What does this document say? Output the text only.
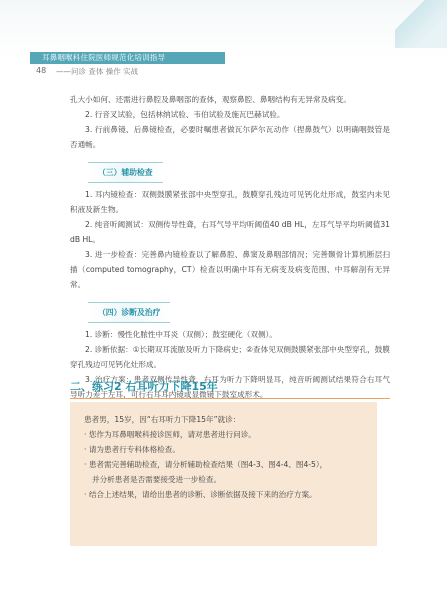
耳鼻咽喉科住院医师规范化培训指导
48 ——问诊 查体 操作 实战

孔大小如何、还需进行鼻腔及鼻咽部的查体，观察鼻腔、鼻咽结构有无异常及病变。

2. 行音叉试验，包括林纳试验、韦伯试验及施瓦巴赫试验。

3. 行前鼻镜、后鼻镜检查，必要时嘱患者做瓦尔萨尔瓦动作（捏鼻鼓气）以明确咽鼓管是否通畅。

（三）辅助检查

1. 耳内镜检查：双侧鼓膜紧张部中央型穿孔，鼓膜穿孔残边可见钙化灶形成，鼓室内未见积液及新生物。

2. 纯音听阈测试：双侧传导性聋，右耳气导平均听阈值40 dB HL，左耳气导平均听阈值31 dB HL。

3. 进一步检查：完善鼻内镜检查以了解鼻腔、鼻窦及鼻咽部情况；完善颞骨计算机断层扫描（computed tomography，CT）检查以明确中耳有无病变及病变范围、中耳解剖有无异常。

（四）诊断及治疗

1. 诊断：慢性化脓性中耳炎（双侧）；鼓室硬化（双侧）。

2. 诊断依据：①长期双耳流脓及听力下降病史；②查体见双侧鼓膜紧张部中央型穿孔，鼓膜穿孔残边可见钙化灶形成。

3. 治疗方案：患者双侧传导性聋，右耳为听力下降明显耳，纯音听阈测试结果符合右耳气导听力差于左耳，可行右耳耳内镜或显微镜下鼓室成形术。

二、练习2 右耳听力下降15年

患者男，15岁，因“右耳听力下降15年”就诊：

· 您作为耳鼻咽喉科接诊医师，请对患者进行问诊。

· 请为患者行专科体格检查。

· 患者需完善辅助检查，请分析辅助检查结果（图4-3、图4-4、图4-5），

并分析患者是否需要接受进一步检查。

· 结合上述结果，请给出患者的诊断、诊断依据及接下来的治疗方案。
